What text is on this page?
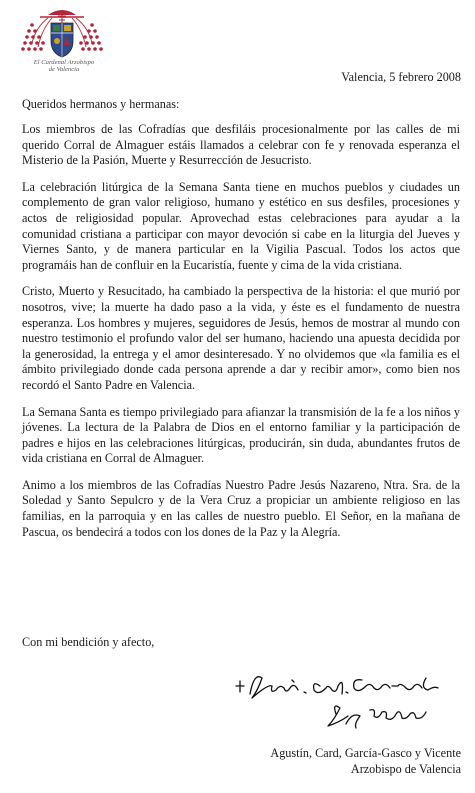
El Cardenal Arzobispo
de Valencia
Valencia, 5 febrero 2008
Queridos hermanos y hermanas:

Los miembros de las Cofradías que desfiláis procesionalmente por las calles de mi querido Corral de Almaguer estáis llamados a celebrar con fe y renovada esperanza el Misterio de la Pasión, Muerte y Resurrección de Jesucristo.

La celebración litúrgica de la Semana Santa tiene en muchos pueblos y ciudades un complemento de gran valor religioso, humano y estético en sus desfiles, procesiones y actos de religiosidad popular. Aprovechad estas celebraciones para ayudar a la comunidad cristiana a participar con mayor devoción si cabe en la liturgia del Jueves y Viernes Santo, y de manera particular en la Vigilia Pascual. Todos los actos que programáis han de confluir en la Eucaristía, fuente y cima de la vida cristiana.

Cristo, Muerto y Resucitado, ha cambiado la perspectiva de la historia: el que murió por nosotros, vive; la muerte ha dado paso a la vida, y éste es el fundamento de nuestra esperanza. Los hombres y mujeres, seguidores de Jesús, hemos de mostrar al mundo con nuestro testimonio el profundo valor del ser humano, haciendo una apuesta decidida por la generosidad, la entrega y el amor desinteresado. Y no olvidemos que «la familia es el ámbito privilegiado donde cada persona aprende a dar y recibir amor», como bien nos recordó el Santo Padre en Valencia.

La Semana Santa es tiempo privilegiado para afianzar la transmisión de la fe a los niños y jóvenes. La lectura de la Palabra de Dios en el entorno familiar y la participación de padres e hijos en las celebraciones litúrgicas, producirán, sin duda, abundantes frutos de vida cristiana en Corral de Almaguer.

Animo a los miembros de las Cofradías Nuestro Padre Jesús Nazareno, Ntra. Sra. de la Soledad y Santo Sepulcro y de la Vera Cruz a propiciar un ambiente religioso en las familias, en la parroquia y en las calles de nuestro pueblo. El Señor, en la mañana de Pascua, os bendecirá a todos con los dones de la Paz y la Alegría.

Con mi bendición y afecto,
Agustín, Card, García-Gasco y Vicente
Arzobispo de Valencia
